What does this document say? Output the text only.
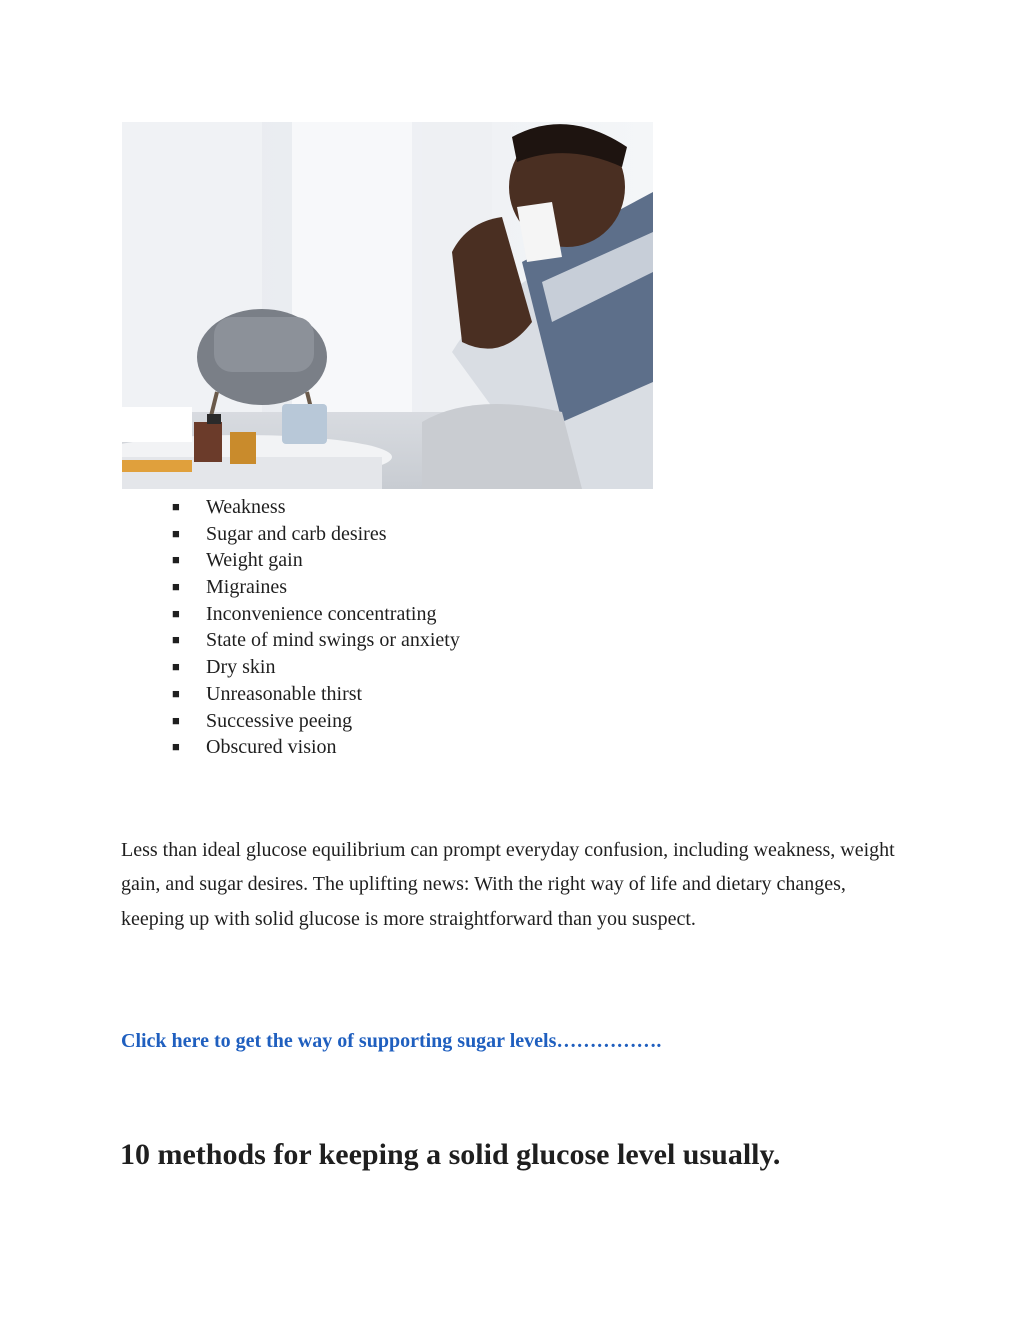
■ Weakness
■ Sugar and carb desires
■ Weight gain
■ Migraines
■ Inconvenience concentrating
■ State of mind swings or anxiety
■ Dry skin
■ Unreasonable thirst
■ Successive peeing
■ Obscured vision

Less than ideal glucose equilibrium can prompt everyday confusion, including weakness, weight gain, and sugar desires. The uplifting news: With the right way of life and dietary changes, keeping up with solid glucose is more straightforward than you suspect.

Click here to get the way of supporting sugar levels…………….
10 methods for keeping a solid glucose level usually.
